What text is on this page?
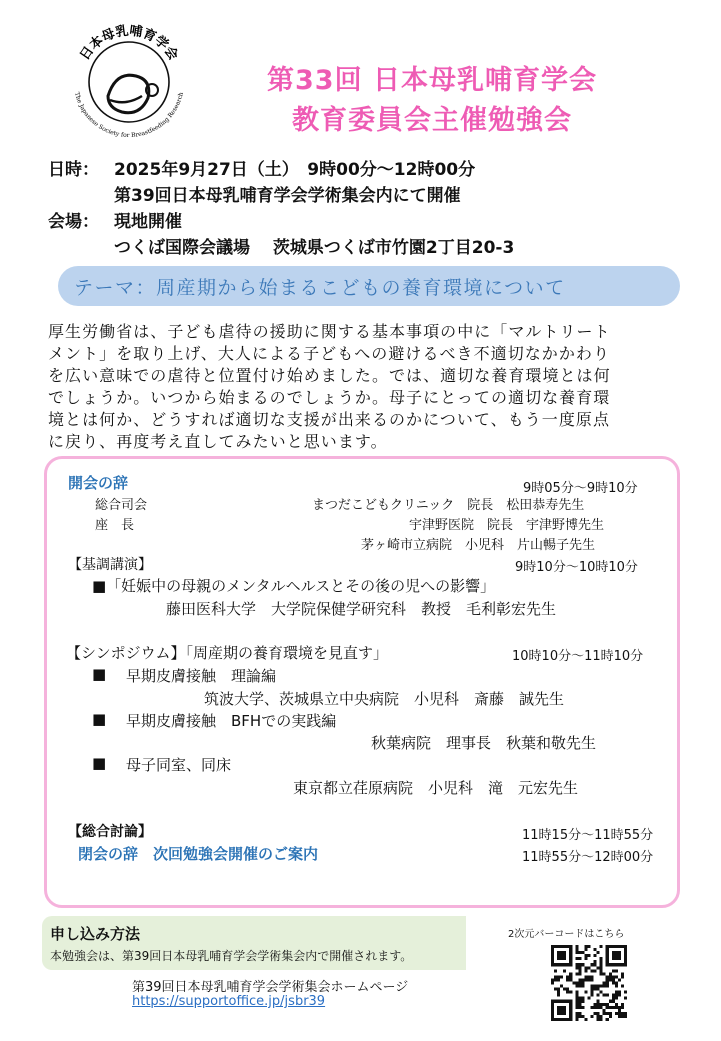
日本母乳哺育学会
The Japanese Society for Breastfeeding Research	第33回 日本母乳哺育学会
教育委員会主催勉強会
日時： 2025年9月27日（土）　9時00分～12時00分
第39回日本母乳哺育学会学術集会内にて開催
会場： 現地開催
つくば国際会議場　 茨城県つくば市竹園2丁目20-3
テーマ：周産期から始まるこどもの養育環境について
厚生労働省は、子ども虐待の援助に関する基本事項の中に「マルトリート
メント」を取り上げ、大人による子どもへの避けるべき不適切なかかわり
を広い意味での虐待と位置付け始めました。では、適切な養育環境とは何
でしょうか。いつから始まるのでしょうか。母子にとっての適切な養育環
境とは何か、どうすれば適切な支援が出来るのかについて、もう一度原点
に戻り、再度考え直してみたいと思います。
開会の辞	9時05分～9時10分
総合司会	まつだこどもクリニック　院長　松田恭寿先生
座　長	宇津野医院　院長　宇津野博先生
茅ヶ崎市立病院　小児科　片山暢子先生
【基調講演】	9時10分～10時10分
■「妊娠中の母親のメンタルヘルスとその後の児への影響」
藤田医科大学　大学院保健学研究科　教授　毛利彰宏先生
【シンポジウム】「周産期の養育環境を見直す」	10時10分～11時10分
■ 早期皮膚接触　理論編
筑波大学、茨城県立中央病院　小児科　斎藤　誠先生
■ 早期皮膚接触　BFHでの実践編
秋葉病院　理事長　秋葉和敬先生
■ 母子同室、同床
東京都立荏原病院　小児科　滝　元宏先生
【総合討論】	11時15分～11時55分
閉会の辞　次回勉強会開催のご案内	11時55分～12時00分
申し込み方法
本勉強会は、第39回日本母乳哺育学会学術集会内で開催されます。
第39回日本母乳哺育学会学術集会ホームページ
https://supportoffice.jp/jsbr39
2次元バーコードはこちら
